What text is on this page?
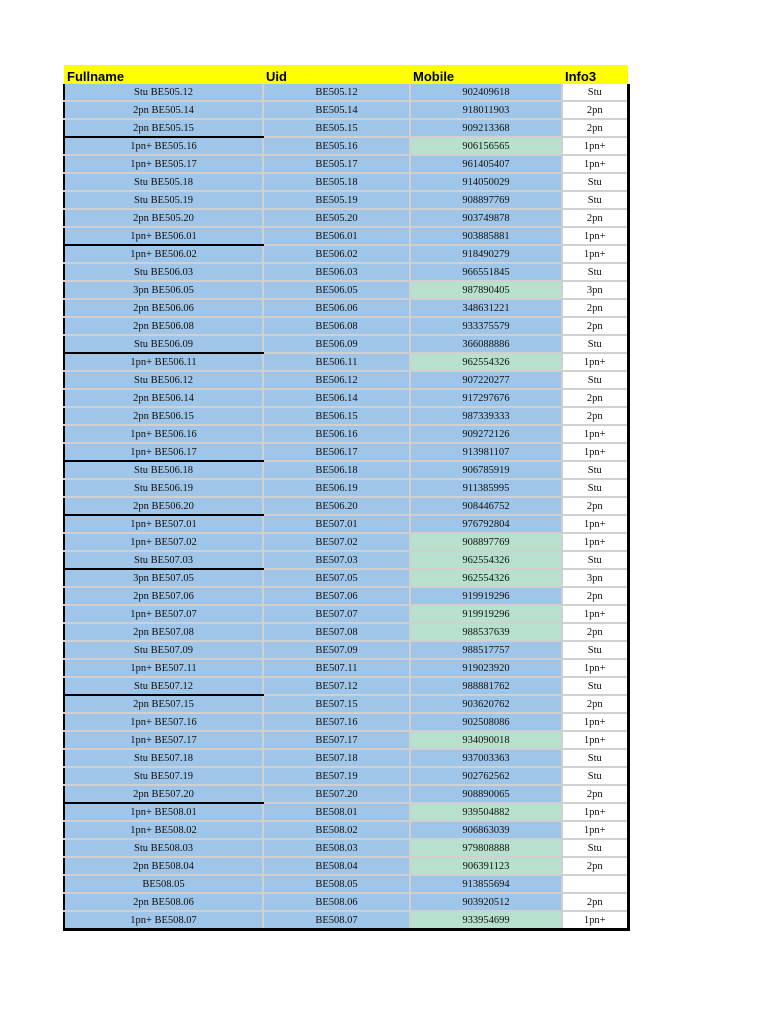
Fullname	Uid	Mobile	Info3
Stu BE505.12	BE505.12	902409618	Stu
2pn BE505.14	BE505.14	918011903	2pn
2pn BE505.15	BE505.15	909213368	2pn
1pn+ BE505.16	BE505.16	906156565	1pn+
1pn+ BE505.17	BE505.17	961405407	1pn+
Stu BE505.18	BE505.18	914050029	Stu
Stu BE505.19	BE505.19	908897769	Stu
2pn BE505.20	BE505.20	903749878	2pn
1pn+ BE506.01	BE506.01	903885881	1pn+
1pn+ BE506.02	BE506.02	918490279	1pn+
Stu BE506.03	BE506.03	966551845	Stu
3pn BE506.05	BE506.05	987890405	3pn
2pn BE506.06	BE506.06	348631221	2pn
2pn BE506.08	BE506.08	933375579	2pn
Stu BE506.09	BE506.09	366088886	Stu
1pn+ BE506.11	BE506.11	962554326	1pn+
Stu BE506.12	BE506.12	907220277	Stu
2pn BE506.14	BE506.14	917297676	2pn
2pn BE506.15	BE506.15	987339333	2pn
1pn+ BE506.16	BE506.16	909272126	1pn+
1pn+ BE506.17	BE506.17	913981107	1pn+
Stu BE506.18	BE506.18	906785919	Stu
Stu BE506.19	BE506.19	911385995	Stu
2pn BE506.20	BE506.20	908446752	2pn
1pn+ BE507.01	BE507.01	976792804	1pn+
1pn+ BE507.02	BE507.02	908897769	1pn+
Stu BE507.03	BE507.03	962554326	Stu
3pn BE507.05	BE507.05	962554326	3pn
2pn BE507.06	BE507.06	919919296	2pn
1pn+ BE507.07	BE507.07	919919296	1pn+
2pn BE507.08	BE507.08	988537639	2pn
Stu BE507.09	BE507.09	988517757	Stu
1pn+ BE507.11	BE507.11	919023920	1pn+
Stu BE507.12	BE507.12	988881762	Stu
2pn BE507.15	BE507.15	903620762	2pn
1pn+ BE507.16	BE507.16	902508086	1pn+
1pn+ BE507.17	BE507.17	934090018	1pn+
Stu BE507.18	BE507.18	937003363	Stu
Stu BE507.19	BE507.19	902762562	Stu
2pn BE507.20	BE507.20	908890065	2pn
1pn+ BE508.01	BE508.01	939504882	1pn+
1pn+ BE508.02	BE508.02	906863039	1pn+
Stu BE508.03	BE508.03	979808888	Stu
2pn BE508.04	BE508.04	906391123	2pn
BE508.05	BE508.05	913855694	
2pn BE508.06	BE508.06	903920512	2pn
1pn+ BE508.07	BE508.07	933954699	1pn+
